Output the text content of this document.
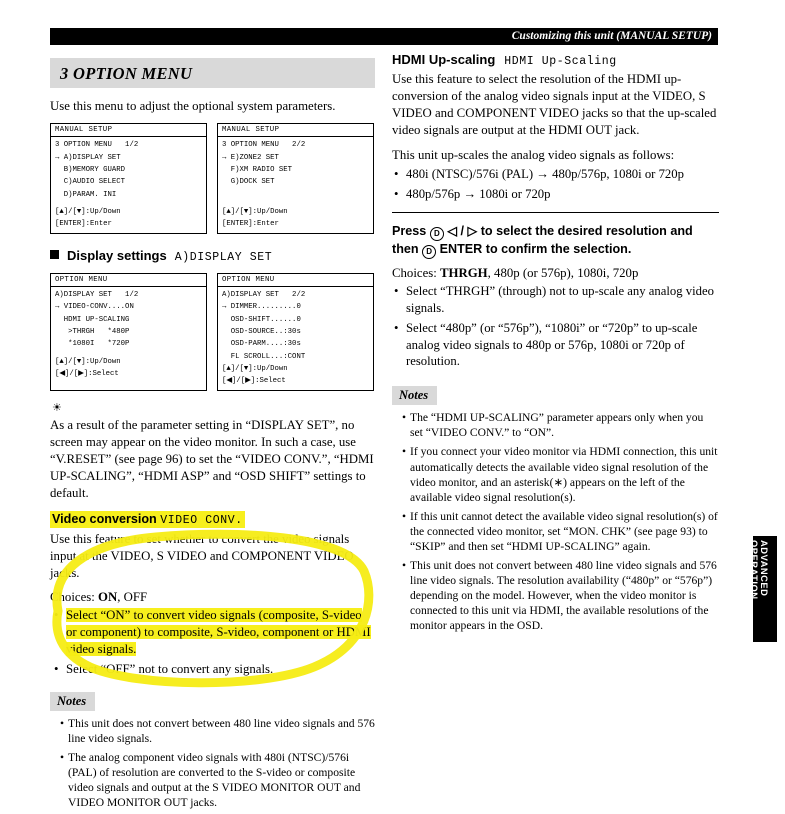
Customizing this unit (MANUAL SETUP)
3 OPTION MENU

Use this menu to adjust the optional system parameters.

MANUAL SETUP
3 OPTION MENU   1/2
→ A)DISPLAY SET
B)MEMORY GUARD
C)AUDIO SELECT
D)PARAM. INI
[▲]/[▼]:Up/Down
[ENTER]:Enter
MANUAL SETUP
3 OPTION MENU   2/2
→ E)ZONE2 SET
F)XM RADIO SET
G)DOCK SET
[▲]/[▼]:Up/Down
[ENTER]:Enter
Display settings A)DISPLAY SET
OPTION MENU
A)DISPLAY SET   1/2
→ VIDEO-CONV....ON
HDMI UP-SCALING
>THRGH   *480P
*1080I   *720P
[▲]/[▼]:Up/Down
[◀]/[▶]:Select
OPTION MENU
A)DISPLAY SET   2/2
→ DIMMER.........0
OSD-SHIFT......0
OSD-SOURCE..:30s
OSD-PARM....:30s
FL SCROLL...:CONT
[▲]/[▼]:Up/Down
[◀]/[▶]:Select
☀

As a result of the parameter setting in “DISPLAY SET”, no screen may appear on the video monitor. In such a case, use “V.RESET” (see page 96) to set the “VIDEO CONV.”, “HDMI UP-SCALING”, “HDMI ASP” and “OSD SHIFT” settings to default.

Video conversion VIDEO CONV.

Use this feature to set whether to convert the video signals input at the VIDEO, S VIDEO and COMPONENT VIDEO jacks.

Choices: ON, OFF
• Select “ON” to convert video signals (composite, S-video or component) to composite, S-video, component or HDMI video signals.
• Select “OFF” not to convert any signals.
Notes
• This unit does not convert between 480 line video signals and 576 line video signals.
• The analog component video signals with 480i (NTSC)/576i (PAL) of resolution are converted to the S-video or composite video signals and output at the S VIDEO MONITOR OUT and VIDEO MONITOR OUT jacks.
HDMI Up-scaling HDMI Up-Scaling

Use this feature to select the resolution of the HDMI up-conversion of the analog video signals input at the VIDEO, S VIDEO and COMPONENT VIDEO jacks so that the up-scaled video signals are output at the HDMI OUT jack.

This unit up-scales the analog video signals as follows:

• 480i (NTSC)/576i (PAL) → 480p/576p, 1080i or 720p
• 480p/576p → 1080i or 720p
Press D ◁ / ▷ to select the desired resolution and then D ENTER to confirm the selection.
Choices: THRGH, 480p (or 576p), 1080i, 720p
• Select “THRGH” (through) not to up-scale any analog video signals.
• Select “480p” (or “576p”), “1080i” or “720p” to up-scale analog video signals to 480p or 576p, 1080i or 720p of resolution.
Notes
• The “HDMI UP-SCALING” parameter appears only when you set “VIDEO CONV.” to “ON”.
• If you connect your video monitor via HDMI connection, this unit automatically detects the available video signal resolution of the video monitor, and an asterisk(∗) appears on the left of the available video signal resolution(s).
• If this unit cannot detect the available video signal resolution(s) of the connected video monitor, set “MON. CHK” (see page 93) to “SKIP” and then set “HDMI UP-SCALING” again.
• This unit does not convert between 480 line video signals and 576 line video signals. The resolution availability (“480p” or “576p”) depending on the model. However, when the video monitor is connected to this unit via HDMI, the available resolutions of the monitor appears in the OSD.
ADVANCED
OPERATION
